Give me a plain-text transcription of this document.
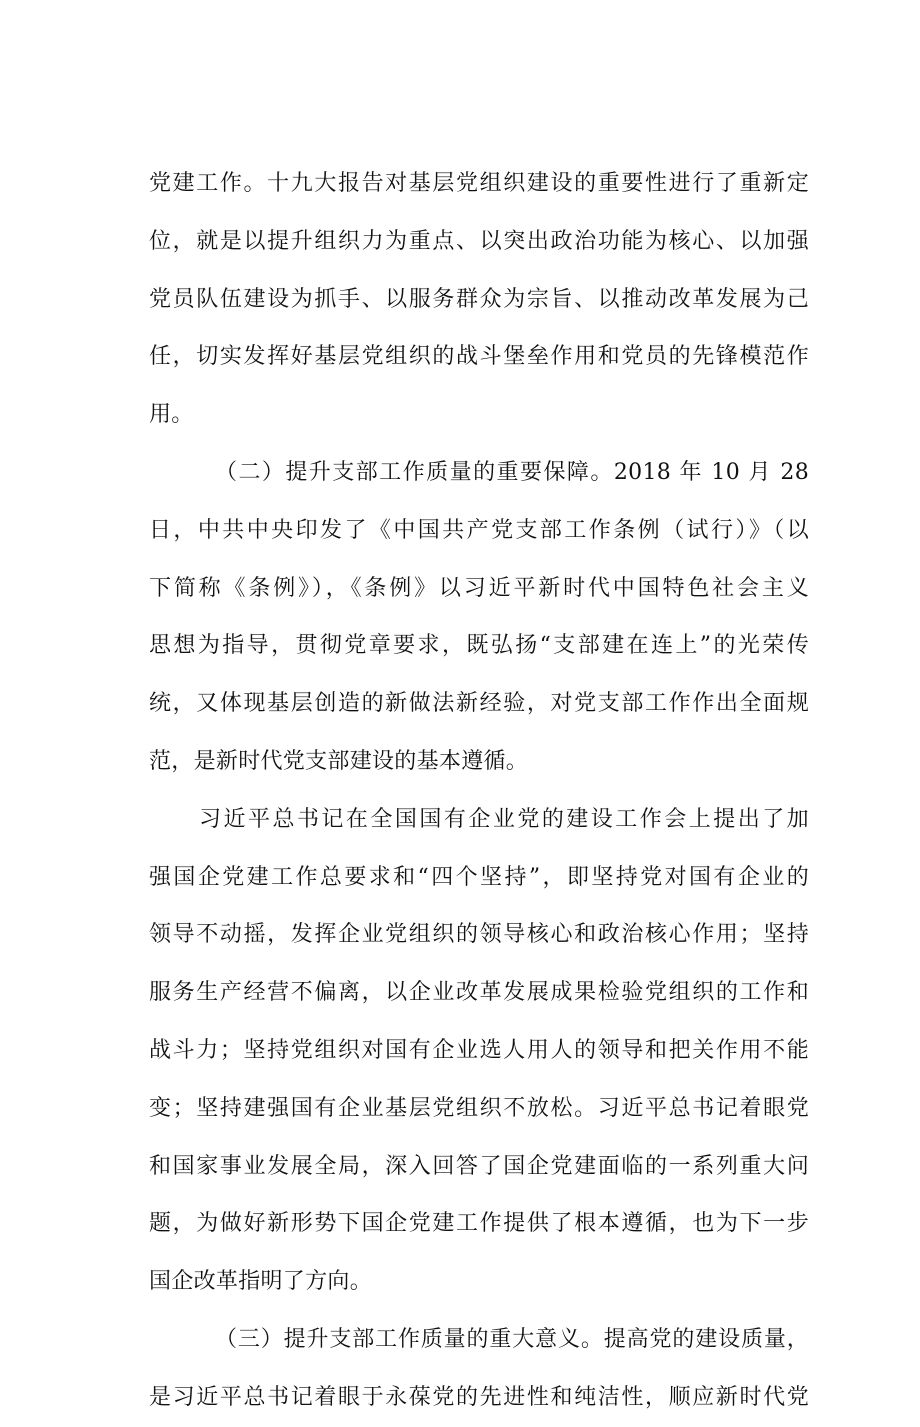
党建工作。十九大报告对基层党组织建设的重要性进行了重新定
位，就是以提升组织力为重点、以突出政治功能为核心、以加强
党员队伍建设为抓手、以服务群众为宗旨、以推动改革发展为己
任，切实发挥好基层党组织的战斗堡垒作用和党员的先锋模范作
用。
（二）提升支部工作质量的重要保障。2018 年 10 月 28
日，中共中央印发了《中国共产党支部工作条例（试行）》（以
下简称《条例》），《条例》以习近平新时代中国特色社会主义
思想为指导，贯彻党章要求，既弘扬“支部建在连上”的光荣传
统，又体现基层创造的新做法新经验，对党支部工作作出全面规
范，是新时代党支部建设的基本遵循。
习近平总书记在全国国有企业党的建设工作会上提出了加
强国企党建工作总要求和“四个坚持”，即坚持党对国有企业的
领导不动摇，发挥企业党组织的领导核心和政治核心作用；坚持
服务生产经营不偏离，以企业改革发展成果检验党组织的工作和
战斗力；坚持党组织对国有企业选人用人的领导和把关作用不能
变；坚持建强国有企业基层党组织不放松。习近平总书记着眼党
和国家事业发展全局，深入回答了国企党建面临的一系列重大问
题，为做好新形势下国企党建工作提供了根本遵循，也为下一步
国企改革指明了方向。
（三）提升支部工作质量的重大意义。提高党的建设质量，
是习近平总书记着眼于永葆党的先进性和纯洁性，顺应新时代党
